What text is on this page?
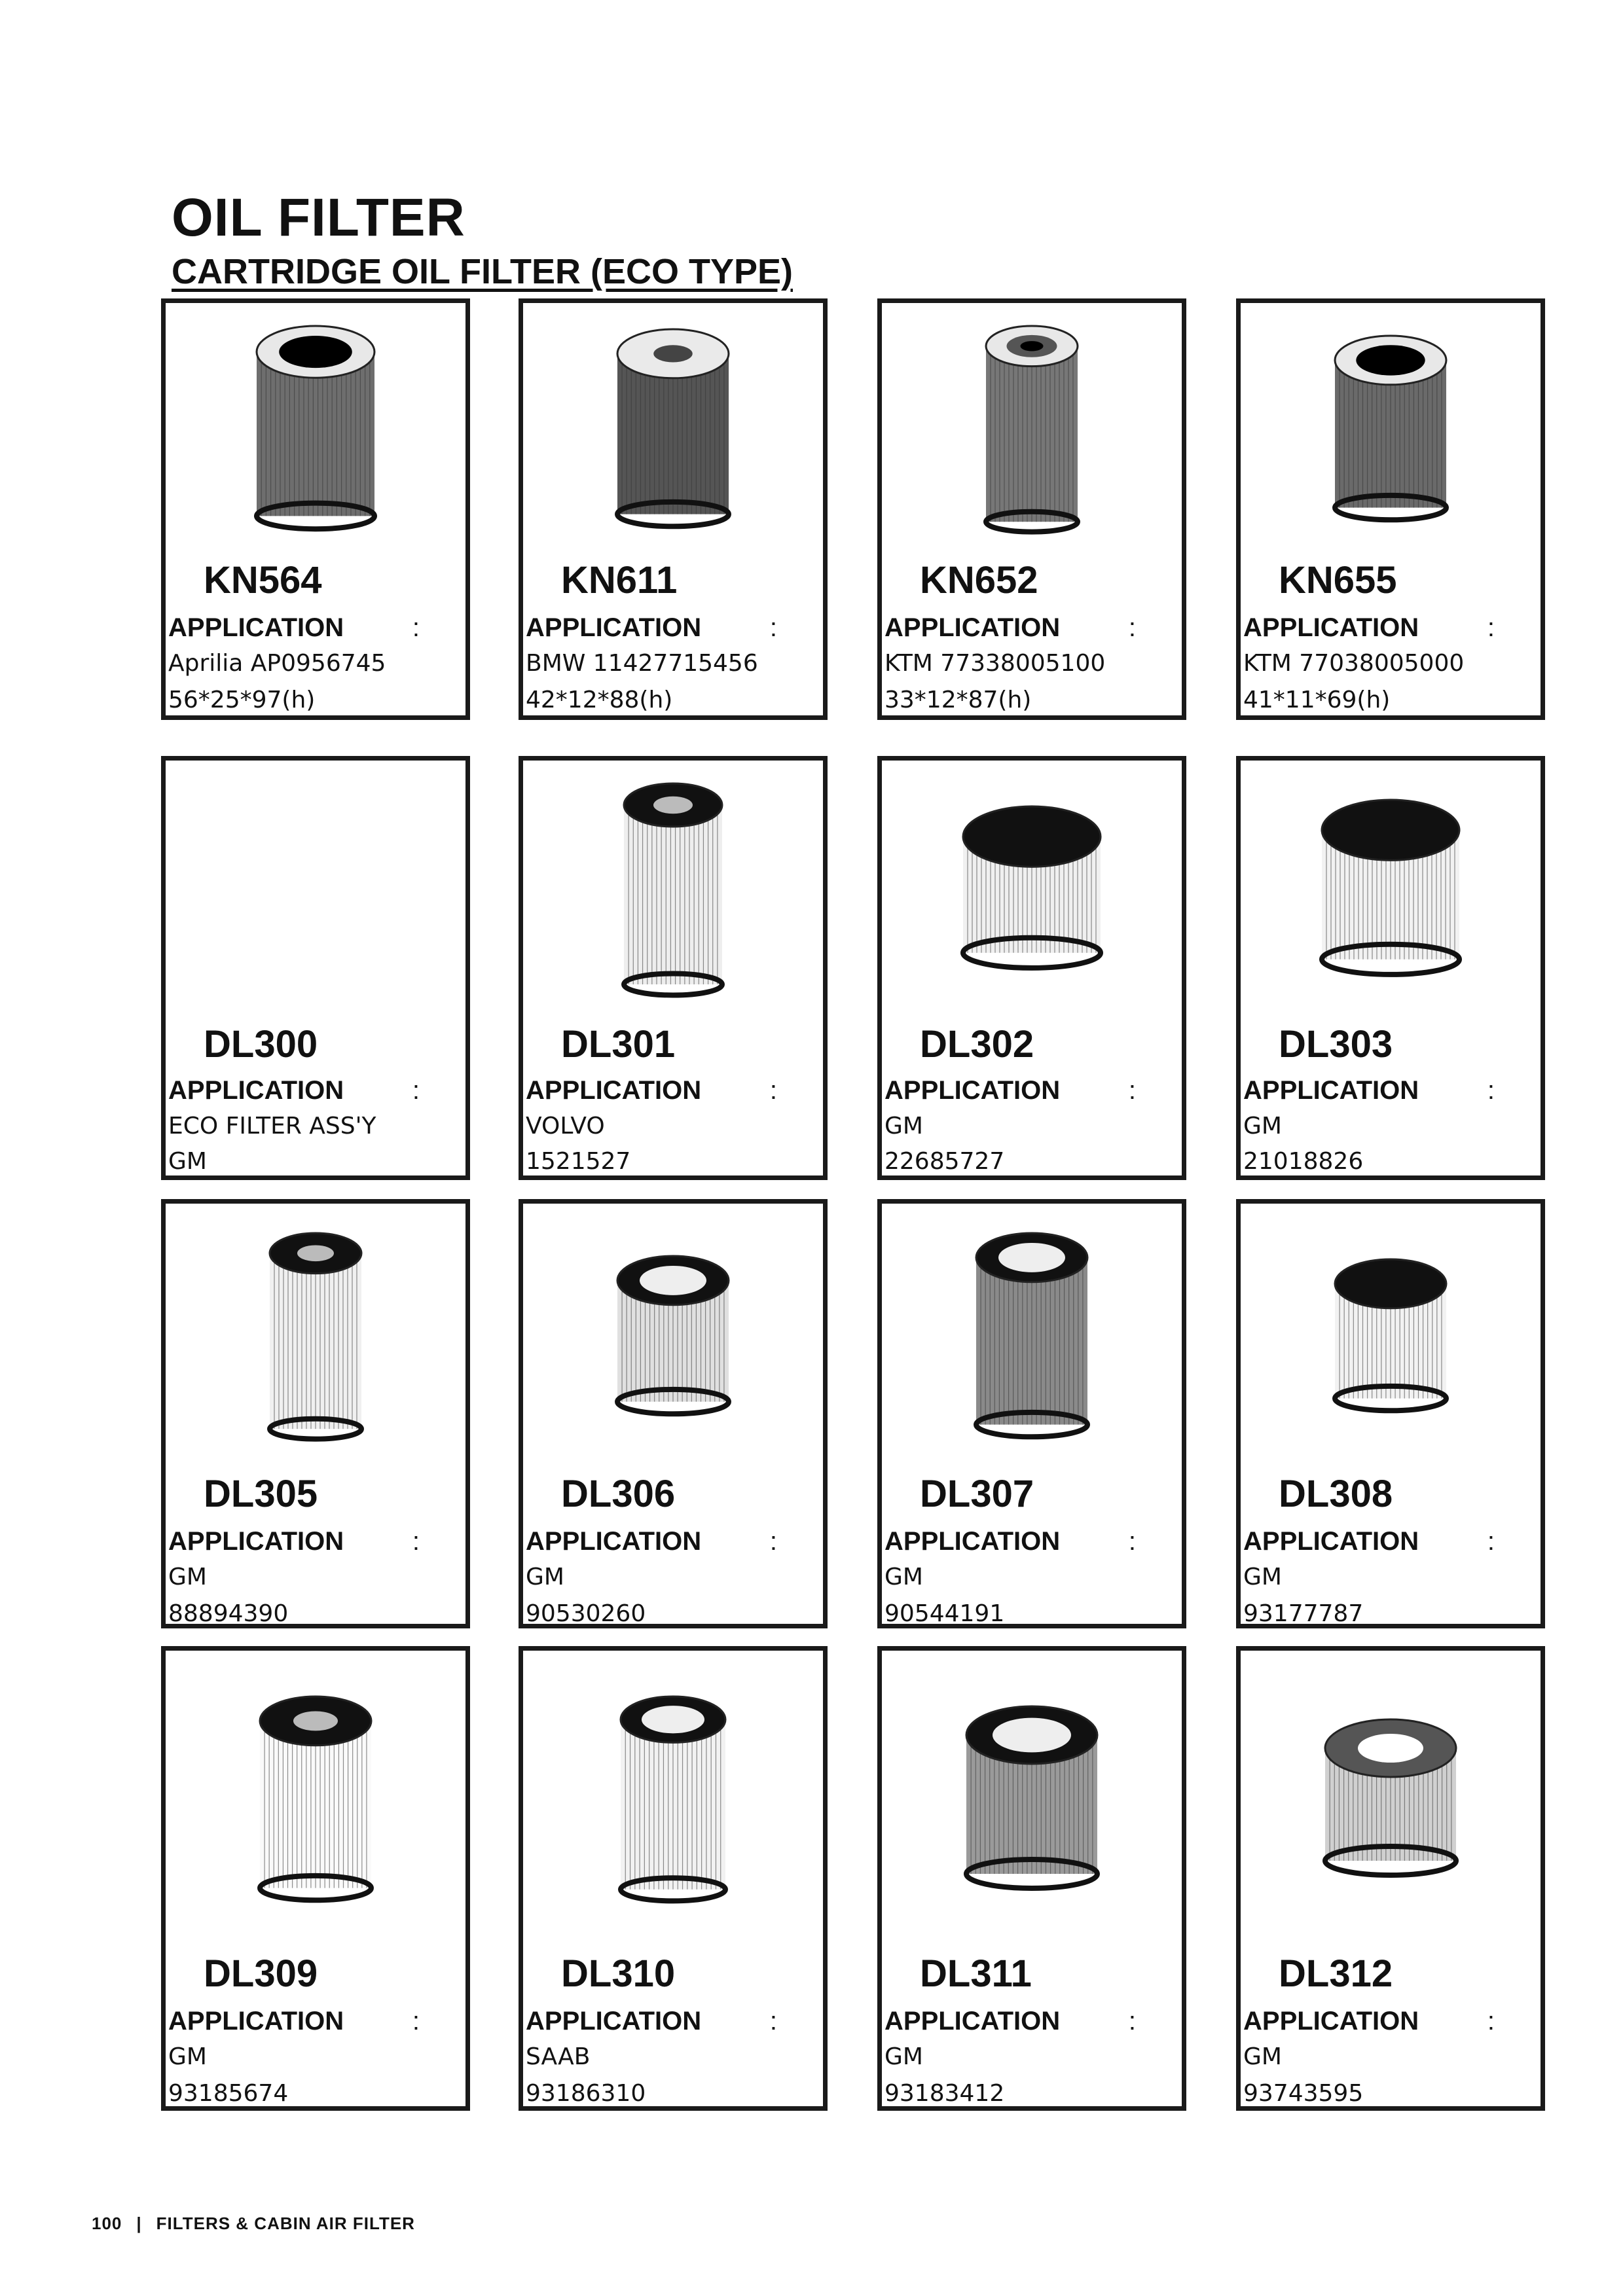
OIL FILTER
CARTRIDGE OIL FILTER (ECO TYPE)
KN564
APPLICATION	:
Aprilia AP0956745
56*25*97(h)
KN611
APPLICATION	:
BMW 11427715456
42*12*88(h)
KN652
APPLICATION	:
KTM 77338005100
33*12*87(h)
KN655
APPLICATION	:
KTM 77038005000
41*11*69(h)
DL300
APPLICATION	:
ECO FILTER ASS'Y
GM
DL301
APPLICATION	:
VOLVO
1521527
DL302
APPLICATION	:
GM
22685727
DL303
APPLICATION	:
GM
21018826
DL305
APPLICATION	:
GM
88894390
DL306
APPLICATION	:
GM
90530260
DL307
APPLICATION	:
GM
90544191
DL308
APPLICATION	:
GM
93177787
DL309
APPLICATION	:
GM
93185674
DL310
APPLICATION	:
SAAB
93186310
DL311
APPLICATION	:
GM
93183412
DL312
APPLICATION	:
GM
93743595
100 | FILTERS & CABIN AIR FILTER
